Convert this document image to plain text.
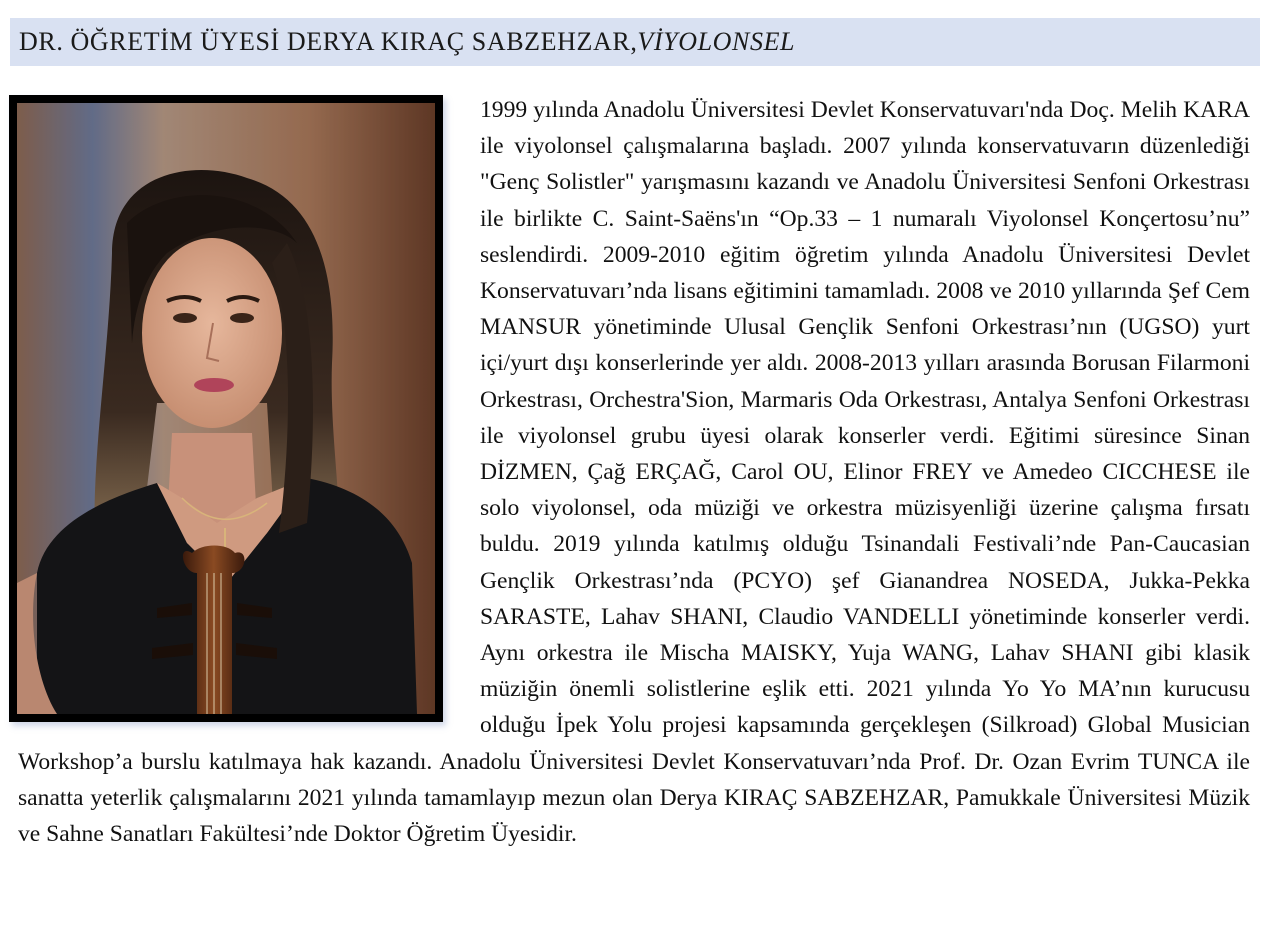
DR. ÖĞRETİM ÜYESİ DERYA KIRAÇ SABZEHZAR, VİYOLONSEL

1999 yılında Anadolu Üniversitesi Devlet Konservatuvarı'nda Doç. Melih KARA ile viyolonsel çalışmalarına başladı. 2007 yılında konservatuvarın düzenlediği "Genç Solistler" yarışmasını kazandı ve Anadolu Üniversitesi Senfoni Orkestrası ile birlikte C. Saint-Saëns'ın “Op.33 – 1 numaralı Viyolonsel Konçertosu’nu” seslendirdi. 2009-2010 eğitim öğretim yılında Anadolu Üniversitesi Devlet Konservatuvarı’nda lisans eğitimini tamamladı. 2008 ve 2010 yıllarında Şef Cem MANSUR yönetiminde Ulusal Gençlik Senfoni Orkestrası’nın (UGSO) yurt içi/yurt dışı konserlerinde yer aldı. 2008-2013 yılları arasında Borusan Filarmoni Orkestrası, Orchestra'Sion, Marmaris Oda Orkestrası, Antalya Senfoni Orkestrası ile viyolonsel grubu üyesi olarak konserler verdi. Eğitimi süresince Sinan DİZMEN, Çağ ERÇAĞ, Carol OU, Elinor FREY ve Amedeo CICCHESE ile solo viyolonsel, oda müziği ve orkestra müzisyenliği üzerine çalışma fırsatı buldu. 2019 yılında katılmış olduğu Tsinandali Festivali’nde Pan-Caucasian Gençlik Orkestrası’nda (PCYO) şef Gianandrea NOSEDA, Jukka-Pekka SARASTE, Lahav SHANI, Claudio VANDELLI yönetiminde konserler verdi. Aynı orkestra ile Mischa MAISKY, Yuja WANG, Lahav SHANI gibi klasik müziğin önemli solistlerine eşlik etti. 2021 yılında Yo Yo MA’nın kurucusu olduğu İpek Yolu projesi kapsamında gerçekleşen (Silkroad) Global Musician Workshop’a burslu katılmaya hak kazandı. Anadolu Üniversitesi Devlet Konservatuvarı’nda Prof. Dr. Ozan Evrim TUNCA ile sanatta yeterlik çalışmalarını 2021 yılında tamamlayıp mezun olan Derya KIRAÇ SABZEHZAR, Pamukkale Üniversitesi Müzik ve Sahne Sanatları Fakültesi’nde Doktor Öğretim Üyesidir.
